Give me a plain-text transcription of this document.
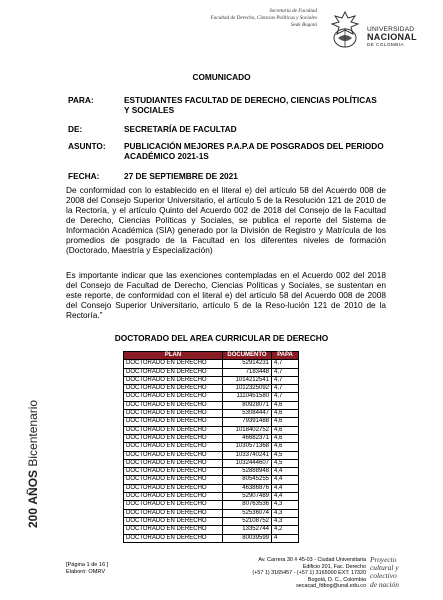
Secretaría de Facultad
Facultad de Derecho, Ciencias Políticas y Sociales
Sede Bogotá
UNIVERSIDAD
NACIONAL
DE COLOMBIA
COMUNICADO
PARA:	ESTUDIANTES FACULTAD DE DERECHO, CIENCIAS POLÍTICAS Y SOCIALES
DE:	SECRETARÍA DE FACULTAD
ASUNTO: PUBLICACIÓN MEJORES P.A.P.A DE POSGRADOS DEL PERIODO ACADÉMICO 2021-1S
FECHA:	27 DE SEPTIEMBRE DE 2021
De conformidad con lo establecido en el literal e) del artículo 58 del Acuerdo 008 de 2008 del Consejo Superior Universitario, el artículo 5 de la Resolución 121 de 2010 de la Rectoría, y el artículo Quinto del Acuerdo 002 de 2018 del Consejo de la Facultad de Derecho, Ciencias Políticas y Sociales, se publica el reporte del Sistema de Información Académica (SIA) generado por la División de Registro y Matrícula de los promedios de posgrado de la Facultad en los diferentes niveles de formación (Doctorado, Maestría y Especialización)
Es importante indicar que las exenciones contempladas en el Acuerdo 002 del 2018 del Consejo de Facultad de Derecho, Ciencias Políticas y Sociales, se sustentan en este reporte, de conformidad con el literal e) del artículo 58 del Acuerdo 008 de 2008 del Consejo Superior Universitario, artículo 5 de la Reso-lución 121 de 2010 de la Rectoría.”
DOCTORADO DEL AREA CURRICULAR DE DERECHO
PLAN	DOCUMENTO	PAPA
DOCTORADO EN DERECHO	52914231	4,7
DOCTORADO EN DERECHO	7183448	4,7
DOCTORADO EN DERECHO	1014212541	4,7
DOCTORADO EN DERECHO	1012325092	4,7
DOCTORADO EN DERECHO	1110451580	4,7
DOCTORADO EN DERECHO	80928071	4,6
DOCTORADO EN DERECHO	53084447	4,6
DOCTORADO EN DERECHO	79391488	4,6
DOCTORADO EN DERECHO	1018402752	4,6
DOCTORADO EN DERECHO	46682371	4,6
DOCTORADO EN DERECHO	1030571368	4,6
DOCTORADO EN DERECHO	1033740241	4,5
DOCTORADO EN DERECHO	1032444607	4,5
DOCTORADO EN DERECHO	52888948	4,4
DOCTORADO EN DERECHO	80545255	4,4
DOCTORADO EN DERECHO	46386876	4,4
DOCTORADO EN DERECHO	52907489	4,4
DOCTORADO EN DERECHO	80763536	4,3
DOCTORADO EN DERECHO	52536074	4,3
DOCTORADO EN DERECHO	52108752	4,3
DOCTORADO EN DERECHO	13352744	4,2
DOCTORADO EN DERECHO	80039599	4
200 AÑOS Bicentenario
[Página 1 de 16 ]
Elaboró: OMRV
Av. Carrera 30 # 45-03 - Ciudad Universitaria
Edificio 201, Fac. Derecho
(+57 1) 3165457 - (+57 1) 3165000 EXT: 17320
Bogotá, D. C., Colombia
secacad_fdbog@unal.edu.co
Proyecto
cultural y
colectivo
de nación
